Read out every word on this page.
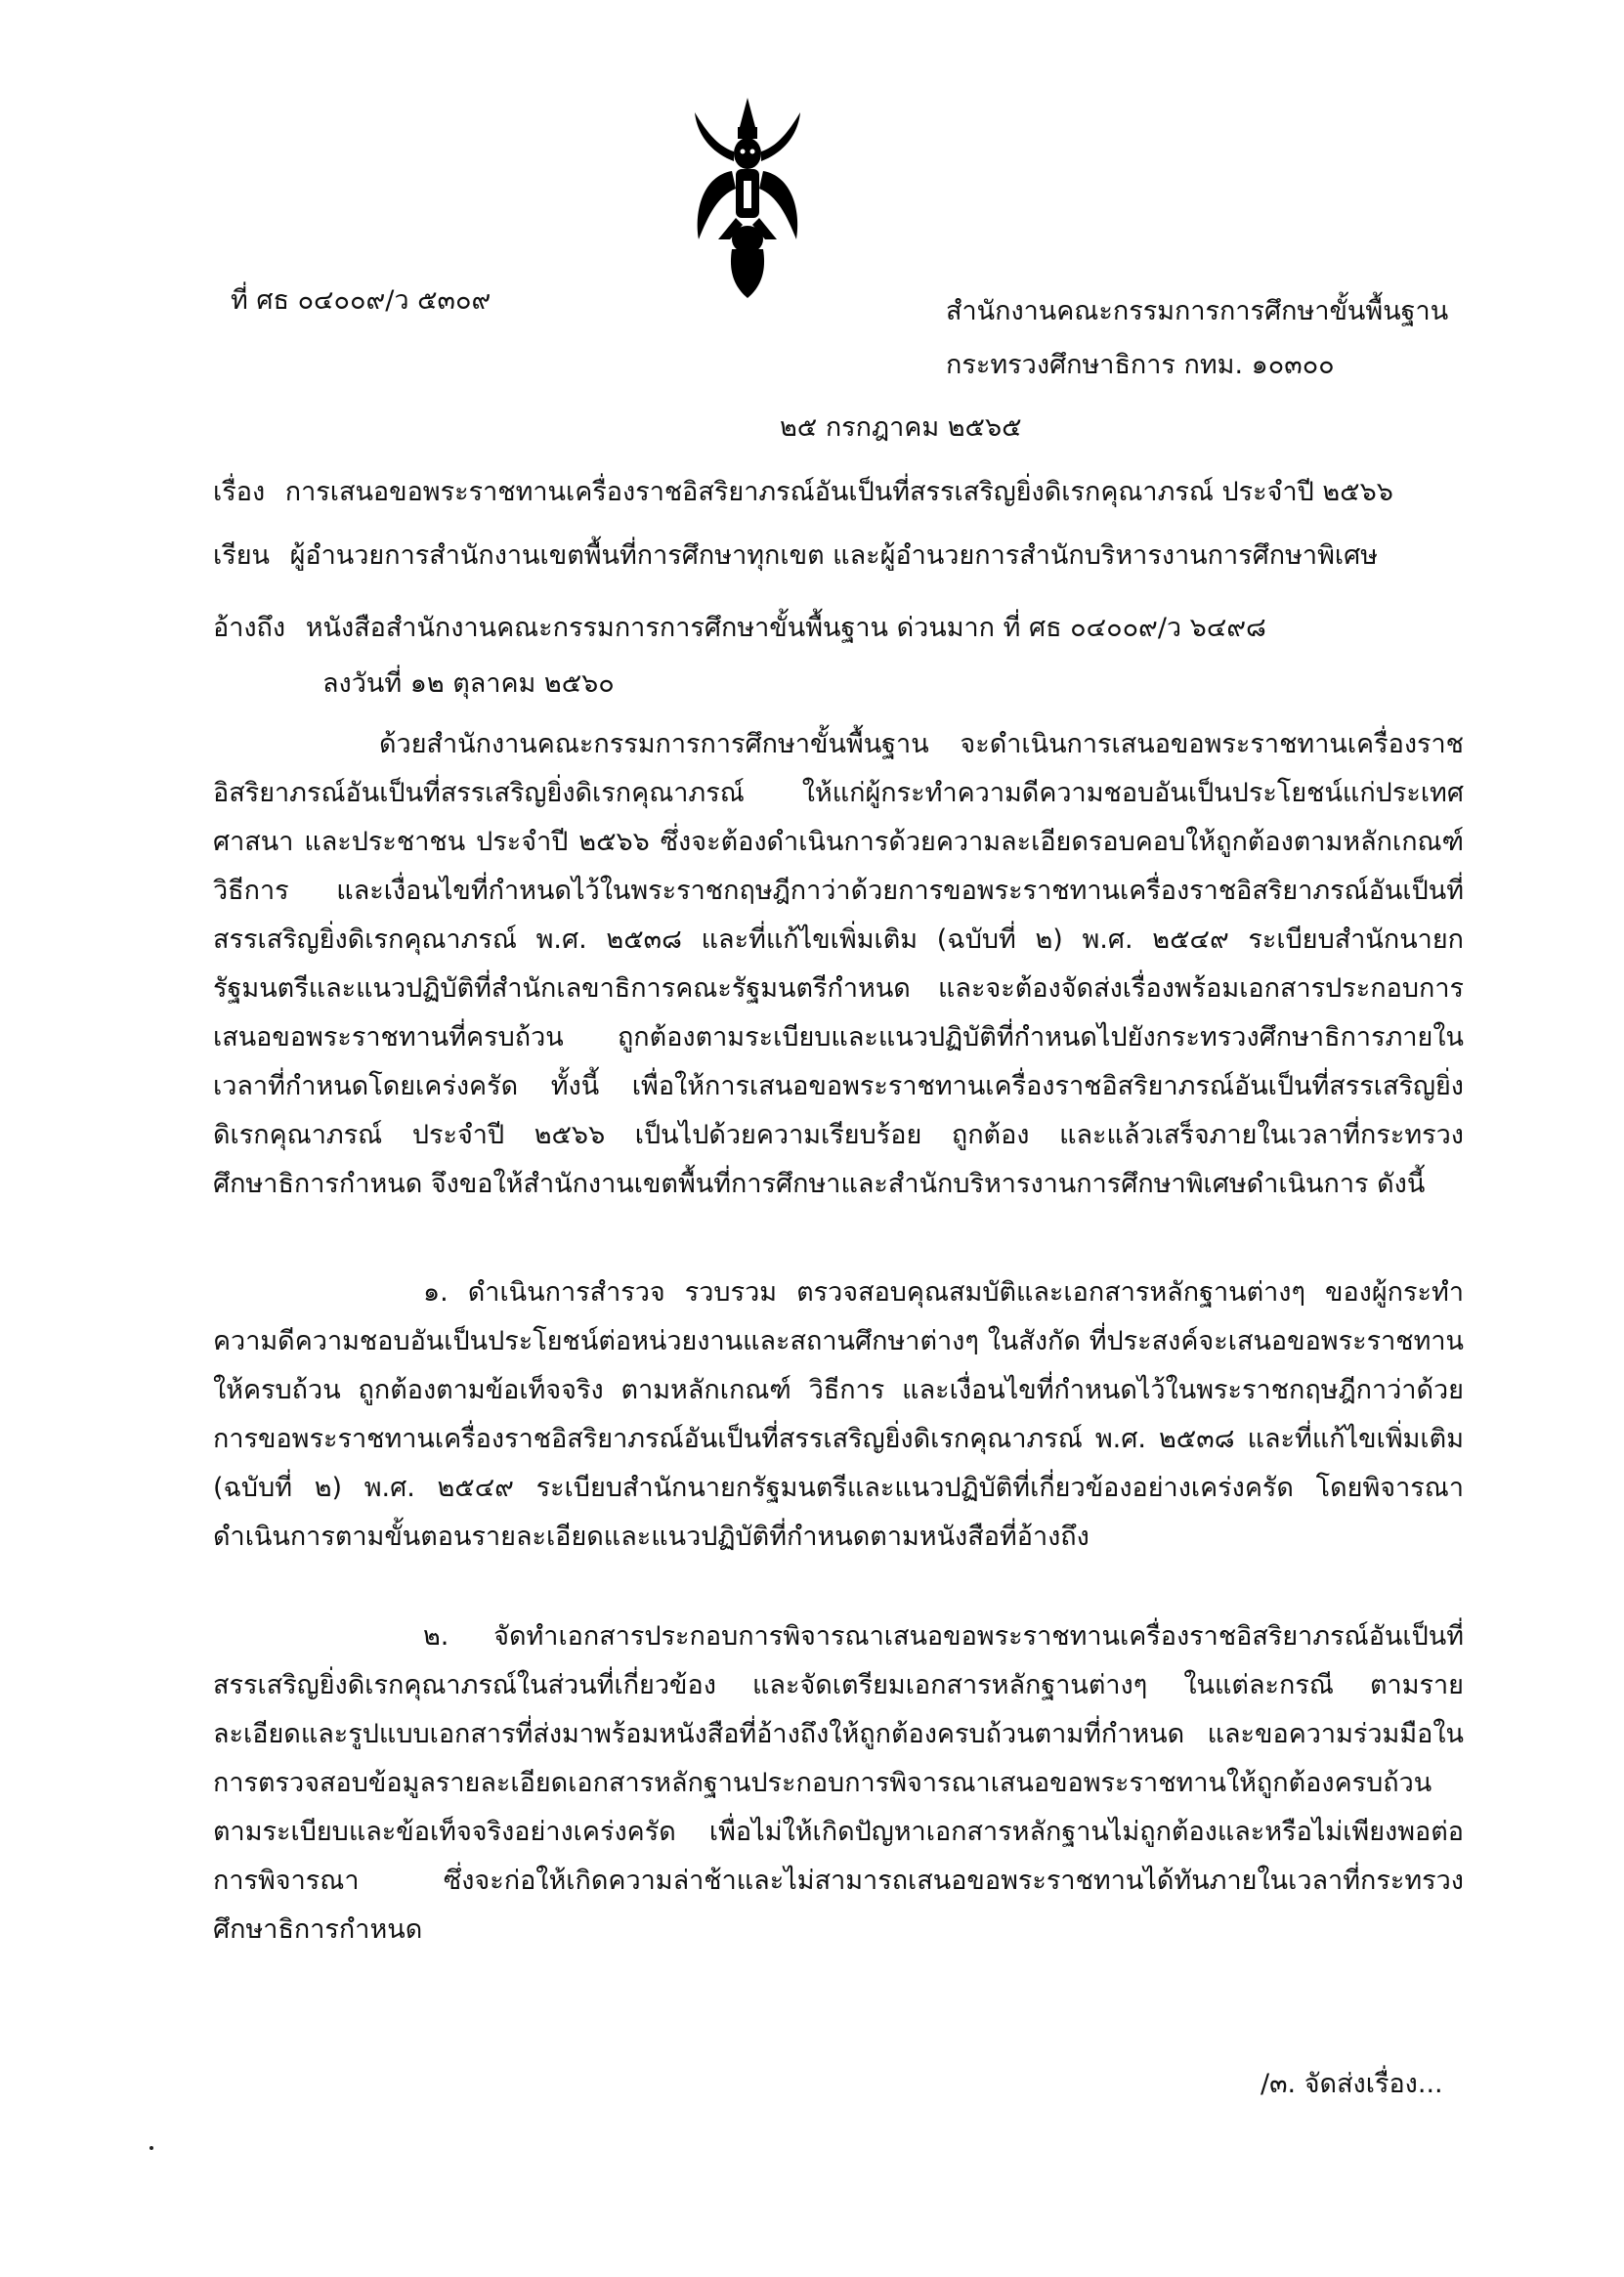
ที่ ศธ ๐๔๐๐๙/ว ๕๓๐๙	สำนักงานคณะกรรมการการศึกษาขั้นพื้นฐาน
กระทรวงศึกษาธิการ กทม. ๑๐๓๐๐
๒๕ กรกฎาคม ๒๕๖๕
เรื่อง การเสนอขอพระราชทานเครื่องราชอิสริยาภรณ์อันเป็นที่สรรเสริญยิ่งดิเรกคุณาภรณ์ ประจำปี ๒๕๖๖
เรียน ผู้อำนวยการสำนักงานเขตพื้นที่การศึกษาทุกเขต และผู้อำนวยการสำนักบริหารงานการศึกษาพิเศษ
อ้างถึง หนังสือสำนักงานคณะกรรมการการศึกษาขั้นพื้นฐาน ด่วนมาก ที่ ศธ ๐๔๐๐๙/ว ๖๔๙๘
ลงวันที่ ๑๒ ตุลาคม ๒๕๖๐
ด้วยสำนักงานคณะกรรมการการศึกษาขั้นพื้นฐาน จะดำเนินการเสนอขอพระราชทานเครื่องราชอิสริยาภรณ์อันเป็นที่สรรเสริญยิ่งดิเรกคุณาภรณ์ ให้แก่ผู้กระทำความดีความชอบอันเป็นประโยชน์แก่ประเทศ ศาสนา และประชาชน ประจำปี ๒๕๖๖ ซึ่งจะต้องดำเนินการด้วยความละเอียดรอบคอบให้ถูกต้องตามหลักเกณฑ์ วิธีการ และเงื่อนไขที่กำหนดไว้ในพระราชกฤษฎีกาว่าด้วยการขอพระราชทานเครื่องราชอิสริยาภรณ์อันเป็นที่สรรเสริญยิ่งดิเรกคุณาภรณ์ พ.ศ. ๒๕๓๘ และที่แก้ไขเพิ่มเติม (ฉบับที่ ๒) พ.ศ. ๒๕๔๙ ระเบียบสำนักนายกรัฐมนตรีและแนวปฏิบัติที่สำนักเลขาธิการคณะรัฐมนตรีกำหนด และจะต้องจัดส่งเรื่องพร้อมเอกสารประกอบการเสนอขอพระราชทานที่ครบถ้วน ถูกต้องตามระเบียบและแนวปฏิบัติที่กำหนดไปยังกระทรวงศึกษาธิการภายในเวลาที่กำหนดโดยเคร่งครัด ทั้งนี้ เพื่อให้การเสนอขอพระราชทานเครื่องราชอิสริยาภรณ์อันเป็นที่สรรเสริญยิ่งดิเรกคุณาภรณ์ ประจำปี ๒๕๖๖ เป็นไปด้วยความเรียบร้อย ถูกต้อง และแล้วเสร็จภายในเวลาที่กระทรวงศึกษาธิการกำหนด จึงขอให้สำนักงานเขตพื้นที่การศึกษาและสำนักบริหารงานการศึกษาพิเศษดำเนินการ ดังนี้
๑. ดำเนินการสำรวจ รวบรวม ตรวจสอบคุณสมบัติและเอกสารหลักฐานต่างๆ ของผู้กระทำความดีความชอบอันเป็นประโยชน์ต่อหน่วยงานและสถานศึกษาต่างๆ ในสังกัด ที่ประสงค์จะเสนอขอพระราชทานให้ครบถ้วน ถูกต้องตามข้อเท็จจริง ตามหลักเกณฑ์ วิธีการ และเงื่อนไขที่กำหนดไว้ในพระราชกฤษฎีกาว่าด้วยการขอพระราชทานเครื่องราชอิสริยาภรณ์อันเป็นที่สรรเสริญยิ่งดิเรกคุณาภรณ์ พ.ศ. ๒๕๓๘ และที่แก้ไขเพิ่มเติม (ฉบับที่ ๒) พ.ศ. ๒๕๔๙ ระเบียบสำนักนายกรัฐมนตรีและแนวปฏิบัติที่เกี่ยวข้องอย่างเคร่งครัด โดยพิจารณาดำเนินการตามขั้นตอนรายละเอียดและแนวปฏิบัติที่กำหนดตามหนังสือที่อ้างถึง
๒. จัดทำเอกสารประกอบการพิจารณาเสนอขอพระราชทานเครื่องราชอิสริยาภรณ์อันเป็นที่สรรเสริญยิ่งดิเรกคุณาภรณ์ในส่วนที่เกี่ยวข้อง และจัดเตรียมเอกสารหลักฐานต่างๆ ในแต่ละกรณี ตามรายละเอียดและรูปแบบเอกสารที่ส่งมาพร้อมหนังสือที่อ้างถึงให้ถูกต้องครบถ้วนตามที่กำหนด และขอความร่วมมือในการตรวจสอบข้อมูลรายละเอียดเอกสารหลักฐานประกอบการพิจารณาเสนอขอพระราชทานให้ถูกต้องครบถ้วนตามระเบียบและข้อเท็จจริงอย่างเคร่งครัด เพื่อไม่ให้เกิดปัญหาเอกสารหลักฐานไม่ถูกต้องและหรือไม่เพียงพอต่อการพิจารณา ซึ่งจะก่อให้เกิดความล่าช้าและไม่สามารถเสนอขอพระราชทานได้ทันภายในเวลาที่กระทรวงศึกษาธิการกำหนด
/๓. จัดส่งเรื่อง...
